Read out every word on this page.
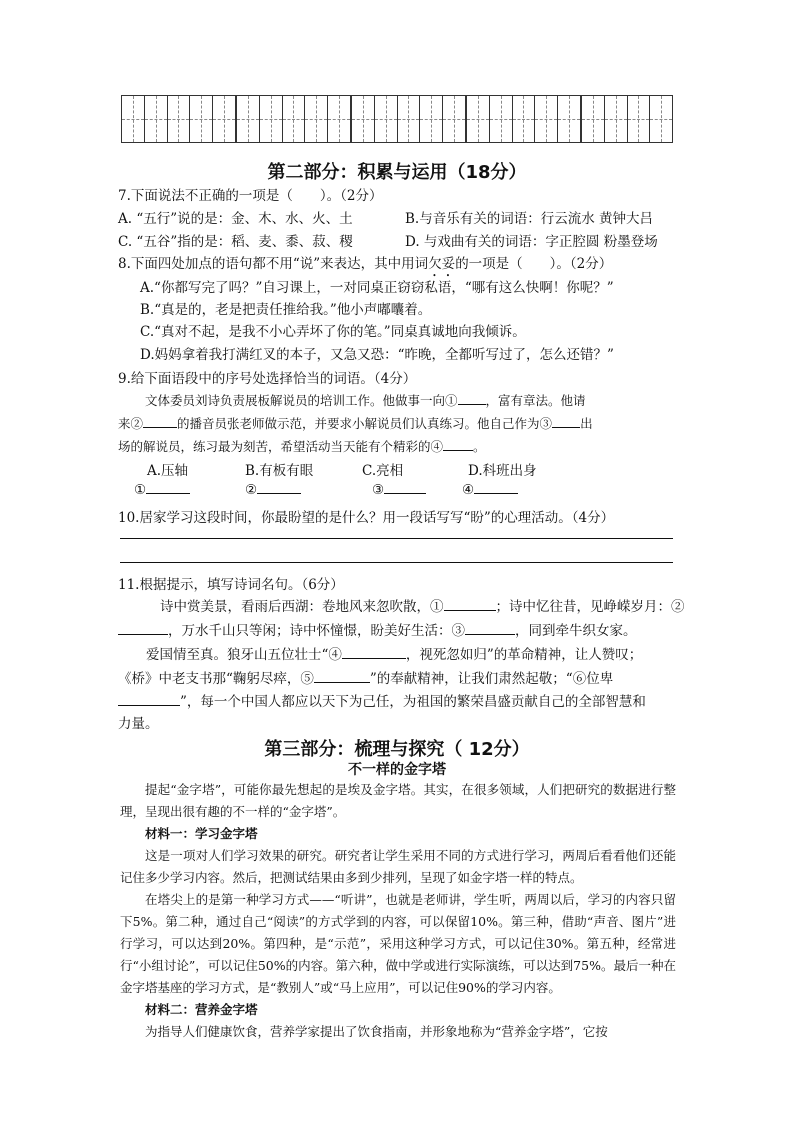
第二部分：积累与运用（18分）
7.下面说法不正确的一项是（　　）。（2分）
A. “五行”说的是：金、木、水、火、土	B.与音乐有关的词语：行云流水 黄钟大吕
C. “五谷”指的是：稻、麦、黍、菽、稷	D. 与戏曲有关的词语：字正腔圆 粉墨登场
8.下面四处加点的语句都不用“说”来表达，其中用词欠妥的一项是（　　）。（2分）
A.“你都写完了吗？”自习课上，一对同桌正窃窃私语，“哪有这么快啊！你呢？”
B.“真是的，老是把责任推给我。”他小声嘟囔着。
C.“真对不起，是我不小心弄坏了你的笔。”同桌真诚地向我倾诉。
D.妈妈拿着我打满红叉的本子，又急又恐：“昨晚，全都听写过了，怎么还错？”
9.给下面语段中的序号处选择恰当的词语。（4分）
文体委员刘诗负责展板解说员的培训工作。他做事一向① ，富有章法。他请
来②	的播音员张老师做示范，并要求小解说员们认真练习。他自己作为③ 出
场的解说员，练习最为刻苦，希望活动当天能有个精彩的④ 。
A.压轴	B.有板有眼	C.亮相	D.科班出身
①	②	③	④
10.居家学习这段时间，你最盼望的是什么？用一段话写写“盼”的心理活动。（4分）
11.根据提示，填写诗词名句。（6分）
诗中赏美景，看雨后西湖：卷地风来忽吹散，①	；诗中忆往昔，见峥嵘岁月：②
，万水千山只等闲；诗中怀憧憬，盼美好生活：③	，同到牵牛织女家。
爱国情至真。狼牙山五位壮士“④	，视死忽如归”的革命精神，让人赞叹；
《桥》中老支书那“鞠躬尽瘁，⑤	”的奉献精神，让我们肃然起敬；“⑥位卑
”，每一个中国人都应以天下为己任，为祖国的繁荣昌盛贡献自己的全部智慧和
力量。
第三部分：梳理与探究（ 12分）
不一样的金字塔

提起“金字塔”，可能你最先想起的是埃及金字塔。其实，在很多领域，人们把研究的数据进行整理，呈现出很有趣的不一样的“金字塔”。

材料一：学习金字塔

这是一项对人们学习效果的研究。研究者让学生采用不同的方式进行学习，两周后看看他们还能记住多少学习内容。然后，把测试结果由多到少排列，呈现了如金字塔一样的特点。

在塔尖上的是第一种学习方式——“听讲”，也就是老师讲，学生听，两周以后，学习的内容只留下5%。第二种，通过自己“阅读”的方式学到的内容，可以保留10%。第三种，借助“声音、图片”进行学习，可以达到20%。第四种，是“示范”，采用这种学习方式，可以记住30%。第五种，经常进行“小组讨论”，可以记住50%的内容。第六种，做中学或进行实际演练，可以达到75%。最后一种在金字塔基座的学习方式，是“教别人”或“马上应用”，可以记住90%的学习内容。

材料二：营养金字塔

为指导人们健康饮食，营养学家提出了饮食指南，并形象地称为“营养金字塔”，它按
